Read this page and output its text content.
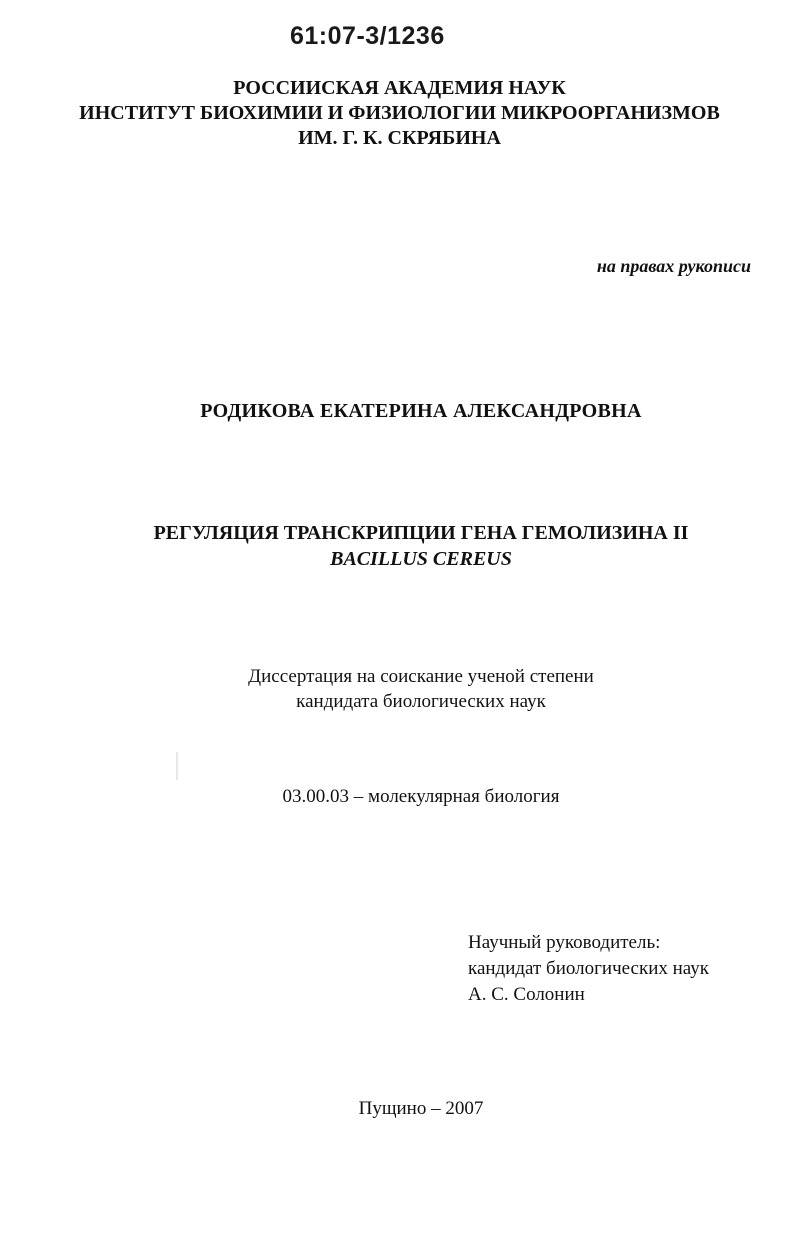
61:07-3/1236
РОССИИСКАЯ АКАДЕМИЯ НАУК
ИНСТИТУТ БИОХИМИИ И ФИЗИОЛОГИИ МИКРООРГАНИЗМОВ
ИМ. Г. К. СКРЯБИНА
на правах рукописи
РОДИКОВА ЕКАТЕРИНА АЛЕКСАНДРОВНА
РЕГУЛЯЦИЯ ТРАНСКРИПЦИИ ГЕНА ГЕМОЛИЗИНА II
BACILLUS CEREUS
Диссертация на соискание ученой степени
кандидата биологических наук
03.00.03 – молекулярная биология
Научный руководитель:
кандидат биологических наук
А. С. Солонин
Пущино – 2007
